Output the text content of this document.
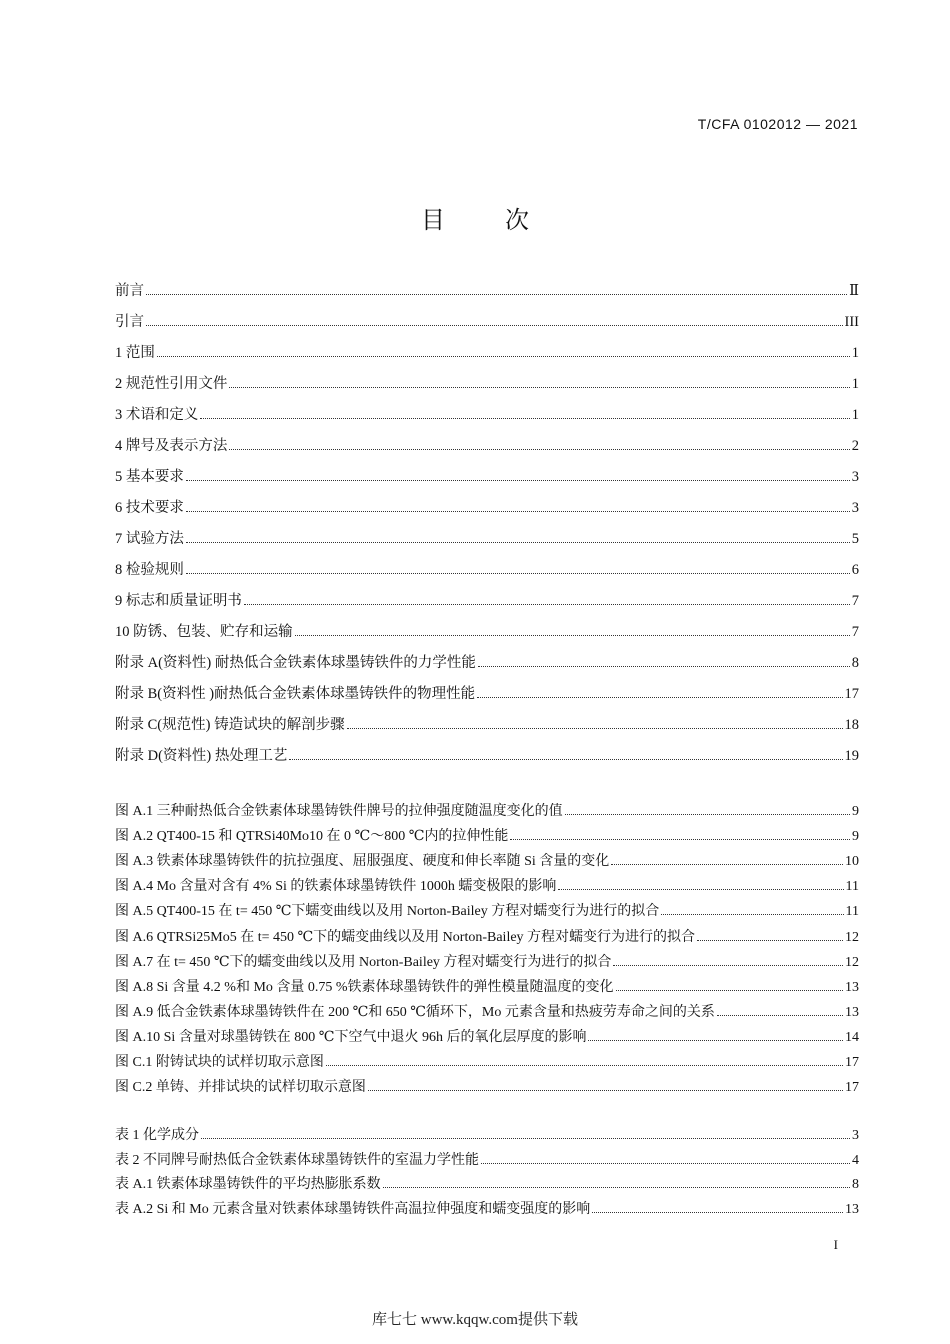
T/CFA 0102012 — 2021
目	次
前言	Ⅱ
引言	III
1 范围	1
2 规范性引用文件	1
3 术语和定义	1
4 牌号及表示方法	2
5 基本要求	3
6 技术要求	3
7 试验方法	5
8 检验规则	6
9 标志和质量证明书	7
10 防锈、包装、贮存和运输	7
附录 A(资料性) 耐热低合金铁素体球墨铸铁件的力学性能	8
附录 B(资料性 )耐热低合金铁素体球墨铸铁件的物理性能	17
附录 C(规范性) 铸造试块的解剖步骤	18
附录 D(资料性) 热处理工艺	19
图 A.1 三种耐热低合金铁素体球墨铸铁件牌号的拉伸强度随温度变化的值	9
图 A.2 QT400-15 和 QTRSi40Mo10 在 0 ℃～800 ℃内的拉伸性能	9
图 A.3 铁素体球墨铸铁件的抗拉强度、屈服强度、硬度和伸长率随 Si 含量的变化	10
图 A.4 Mo 含量对含有 4% Si 的铁素体球墨铸铁件 1000h 蠕变极限的影响	11
图 A.5 QT400-15 在 t= 450 ℃下蠕变曲线以及用 Norton-Bailey 方程对蠕变行为进行的拟合	11
图 A.6 QTRSi25Mo5 在 t= 450 ℃下的蠕变曲线以及用 Norton-Bailey 方程对蠕变行为进行的拟合	12
图 A.7 在 t= 450 ℃下的蠕变曲线以及用 Norton-Bailey 方程对蠕变行为进行的拟合	12
图 A.8 Si 含量 4.2 %和 Mo 含量 0.75 %铁素体球墨铸铁件的弹性模量随温度的变化	13
图 A.9 低合金铁素体球墨铸铁件在 200 ℃和 650 ℃循环下，Mo 元素含量和热疲劳寿命之间的关系	13
图 A.10 Si 含量对球墨铸铁在 800 ℃下空气中退火 96h 后的氧化层厚度的影响	14
图 C.1 附铸试块的试样切取示意图	17
图 C.2 单铸、并排试块的试样切取示意图	17
表 1 化学成分	3
表 2 不同牌号耐热低合金铁素体球墨铸铁件的室温力学性能	4
表 A.1 铁素体球墨铸铁件的平均热膨胀系数	8
表 A.2 Si 和 Mo 元素含量对铁素体球墨铸铁件高温拉伸强度和蠕变强度的影响	13
I
库七七 www.kqqw.com提供下载
